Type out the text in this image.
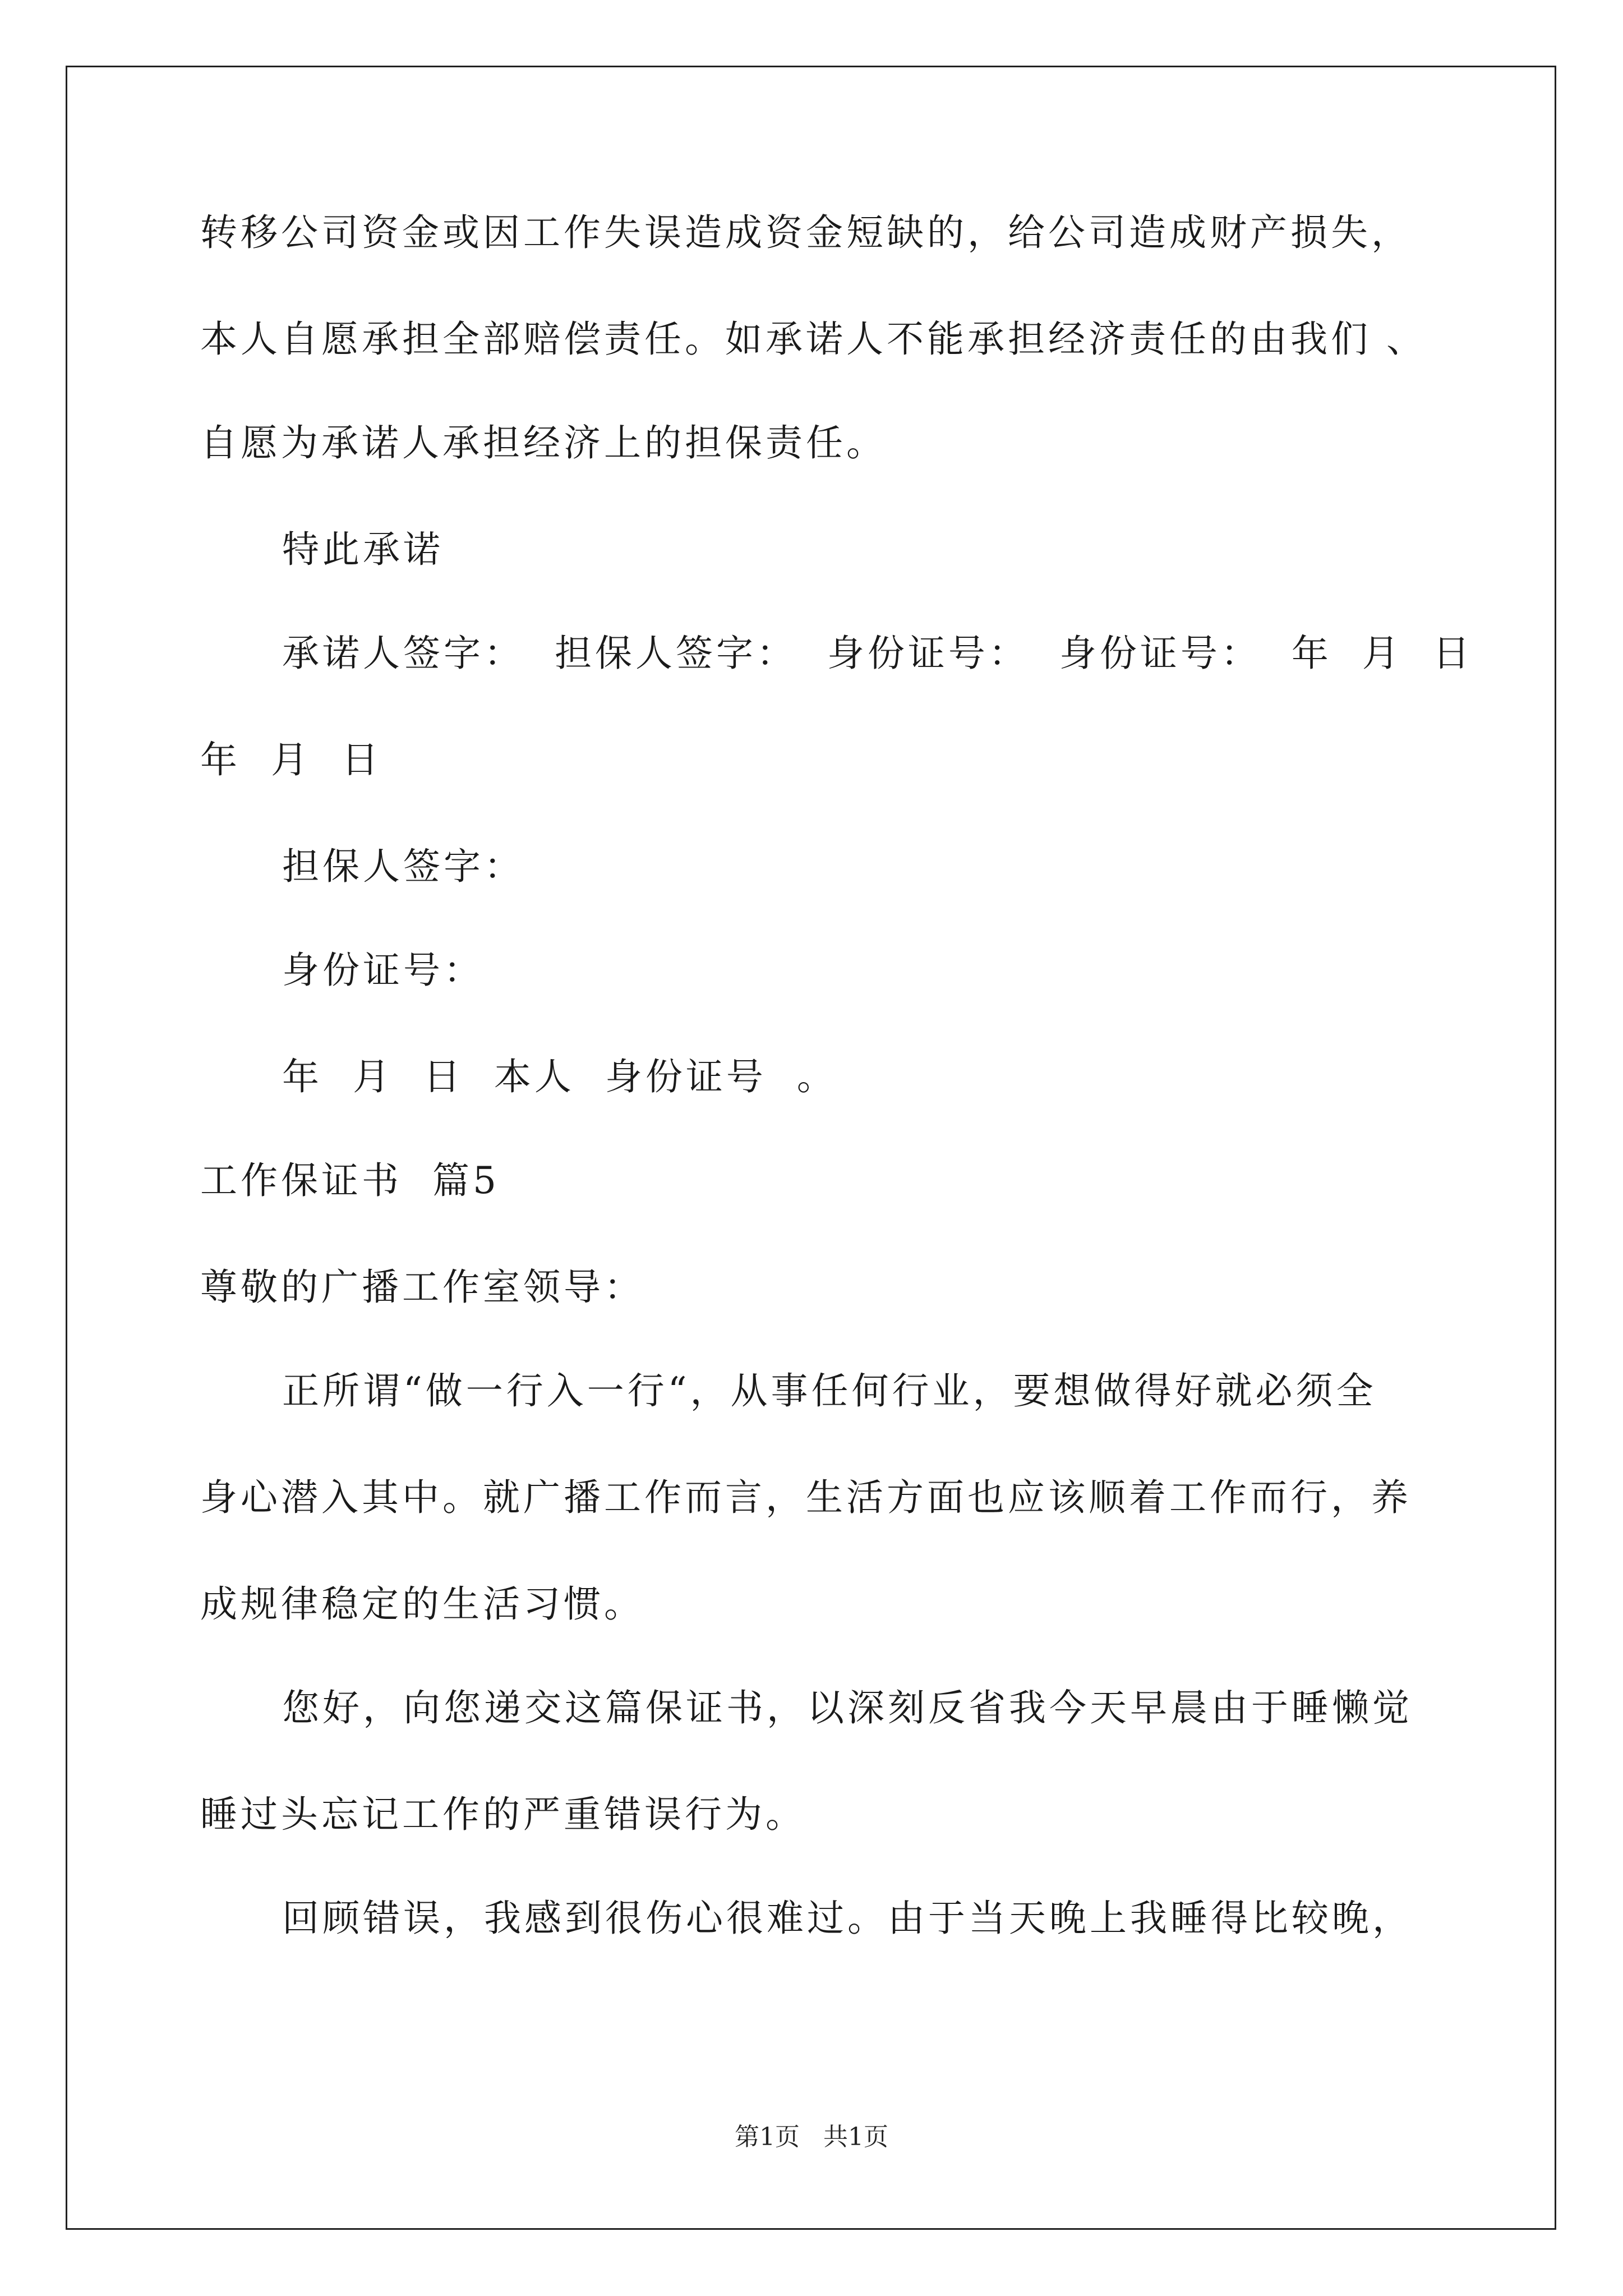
转移公司资金或因工作失误造成资金短缺的，给公司造成财产损失，
本人自愿承担全部赔偿责任。如承诺人不能承担经济责任的由我们 、
自愿为承诺人承担经济上的担保责任。
特此承诺
承诺人签字：  担保人签字：  身份证号：  身份证号：  年  月  日
年  月  日
担保人签字：
身份证号：
年  月  日  本人  身份证号  。
工作保证书  篇5
尊敬的广播工作室领导：
正所谓“做一行入一行“，从事任何行业，要想做得好就必须全
身心潜入其中。就广播工作而言，生活方面也应该顺着工作而行，养
成规律稳定的生活习惯。
您好，向您递交这篇保证书，以深刻反省我今天早晨由于睡懒觉
睡过头忘记工作的严重错误行为。
回顾错误，我感到很伤心很难过。由于当天晚上我睡得比较晚，
第1页   共1页
